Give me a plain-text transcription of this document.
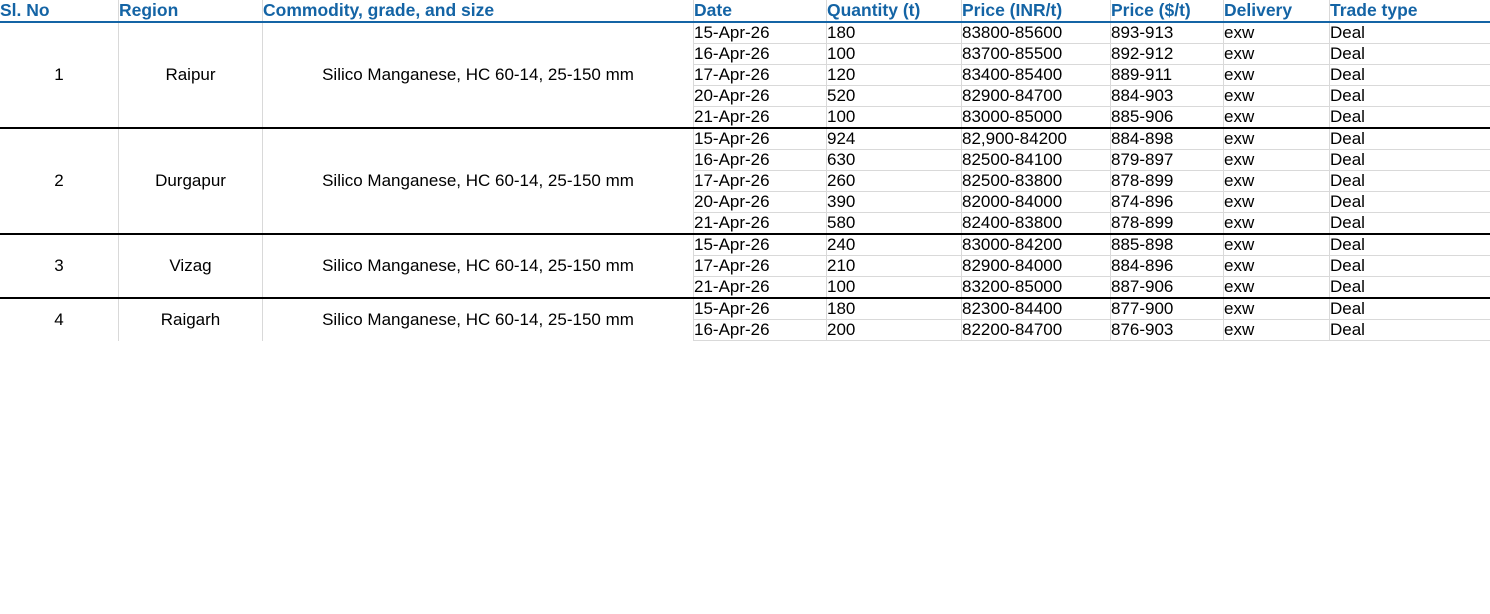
Sl. No	Region	Commodity, grade, and size	Date	Quantity (t)	Price (INR/t)	Price ($/t)	Delivery	Trade type
1	Raipur	Silico Manganese, HC 60-14, 25-150 mm	15-Apr-26	180	83800-85600	893-913	exw	Deal
			16-Apr-26	100	83700-85500	892-912	exw	Deal
			17-Apr-26	120	83400-85400	889-911	exw	Deal
			20-Apr-26	520	82900-84700	884-903	exw	Deal
			21-Apr-26	100	83000-85000	885-906	exw	Deal
2	Durgapur	Silico Manganese, HC 60-14, 25-150 mm	15-Apr-26	924	82,900-84200	884-898	exw	Deal
			16-Apr-26	630	82500-84100	879-897	exw	Deal
			17-Apr-26	260	82500-83800	878-899	exw	Deal
			20-Apr-26	390	82000-84000	874-896	exw	Deal
			21-Apr-26	580	82400-83800	878-899	exw	Deal
3	Vizag	Silico Manganese, HC 60-14, 25-150 mm	15-Apr-26	240	83000-84200	885-898	exw	Deal
			17-Apr-26	210	82900-84000	884-896	exw	Deal
			21-Apr-26	100	83200-85000	887-906	exw	Deal
4	Raigarh	Silico Manganese, HC 60-14, 25-150 mm	15-Apr-26	180	82300-84400	877-900	exw	Deal
			16-Apr-26	200	82200-84700	876-903	exw	Deal
